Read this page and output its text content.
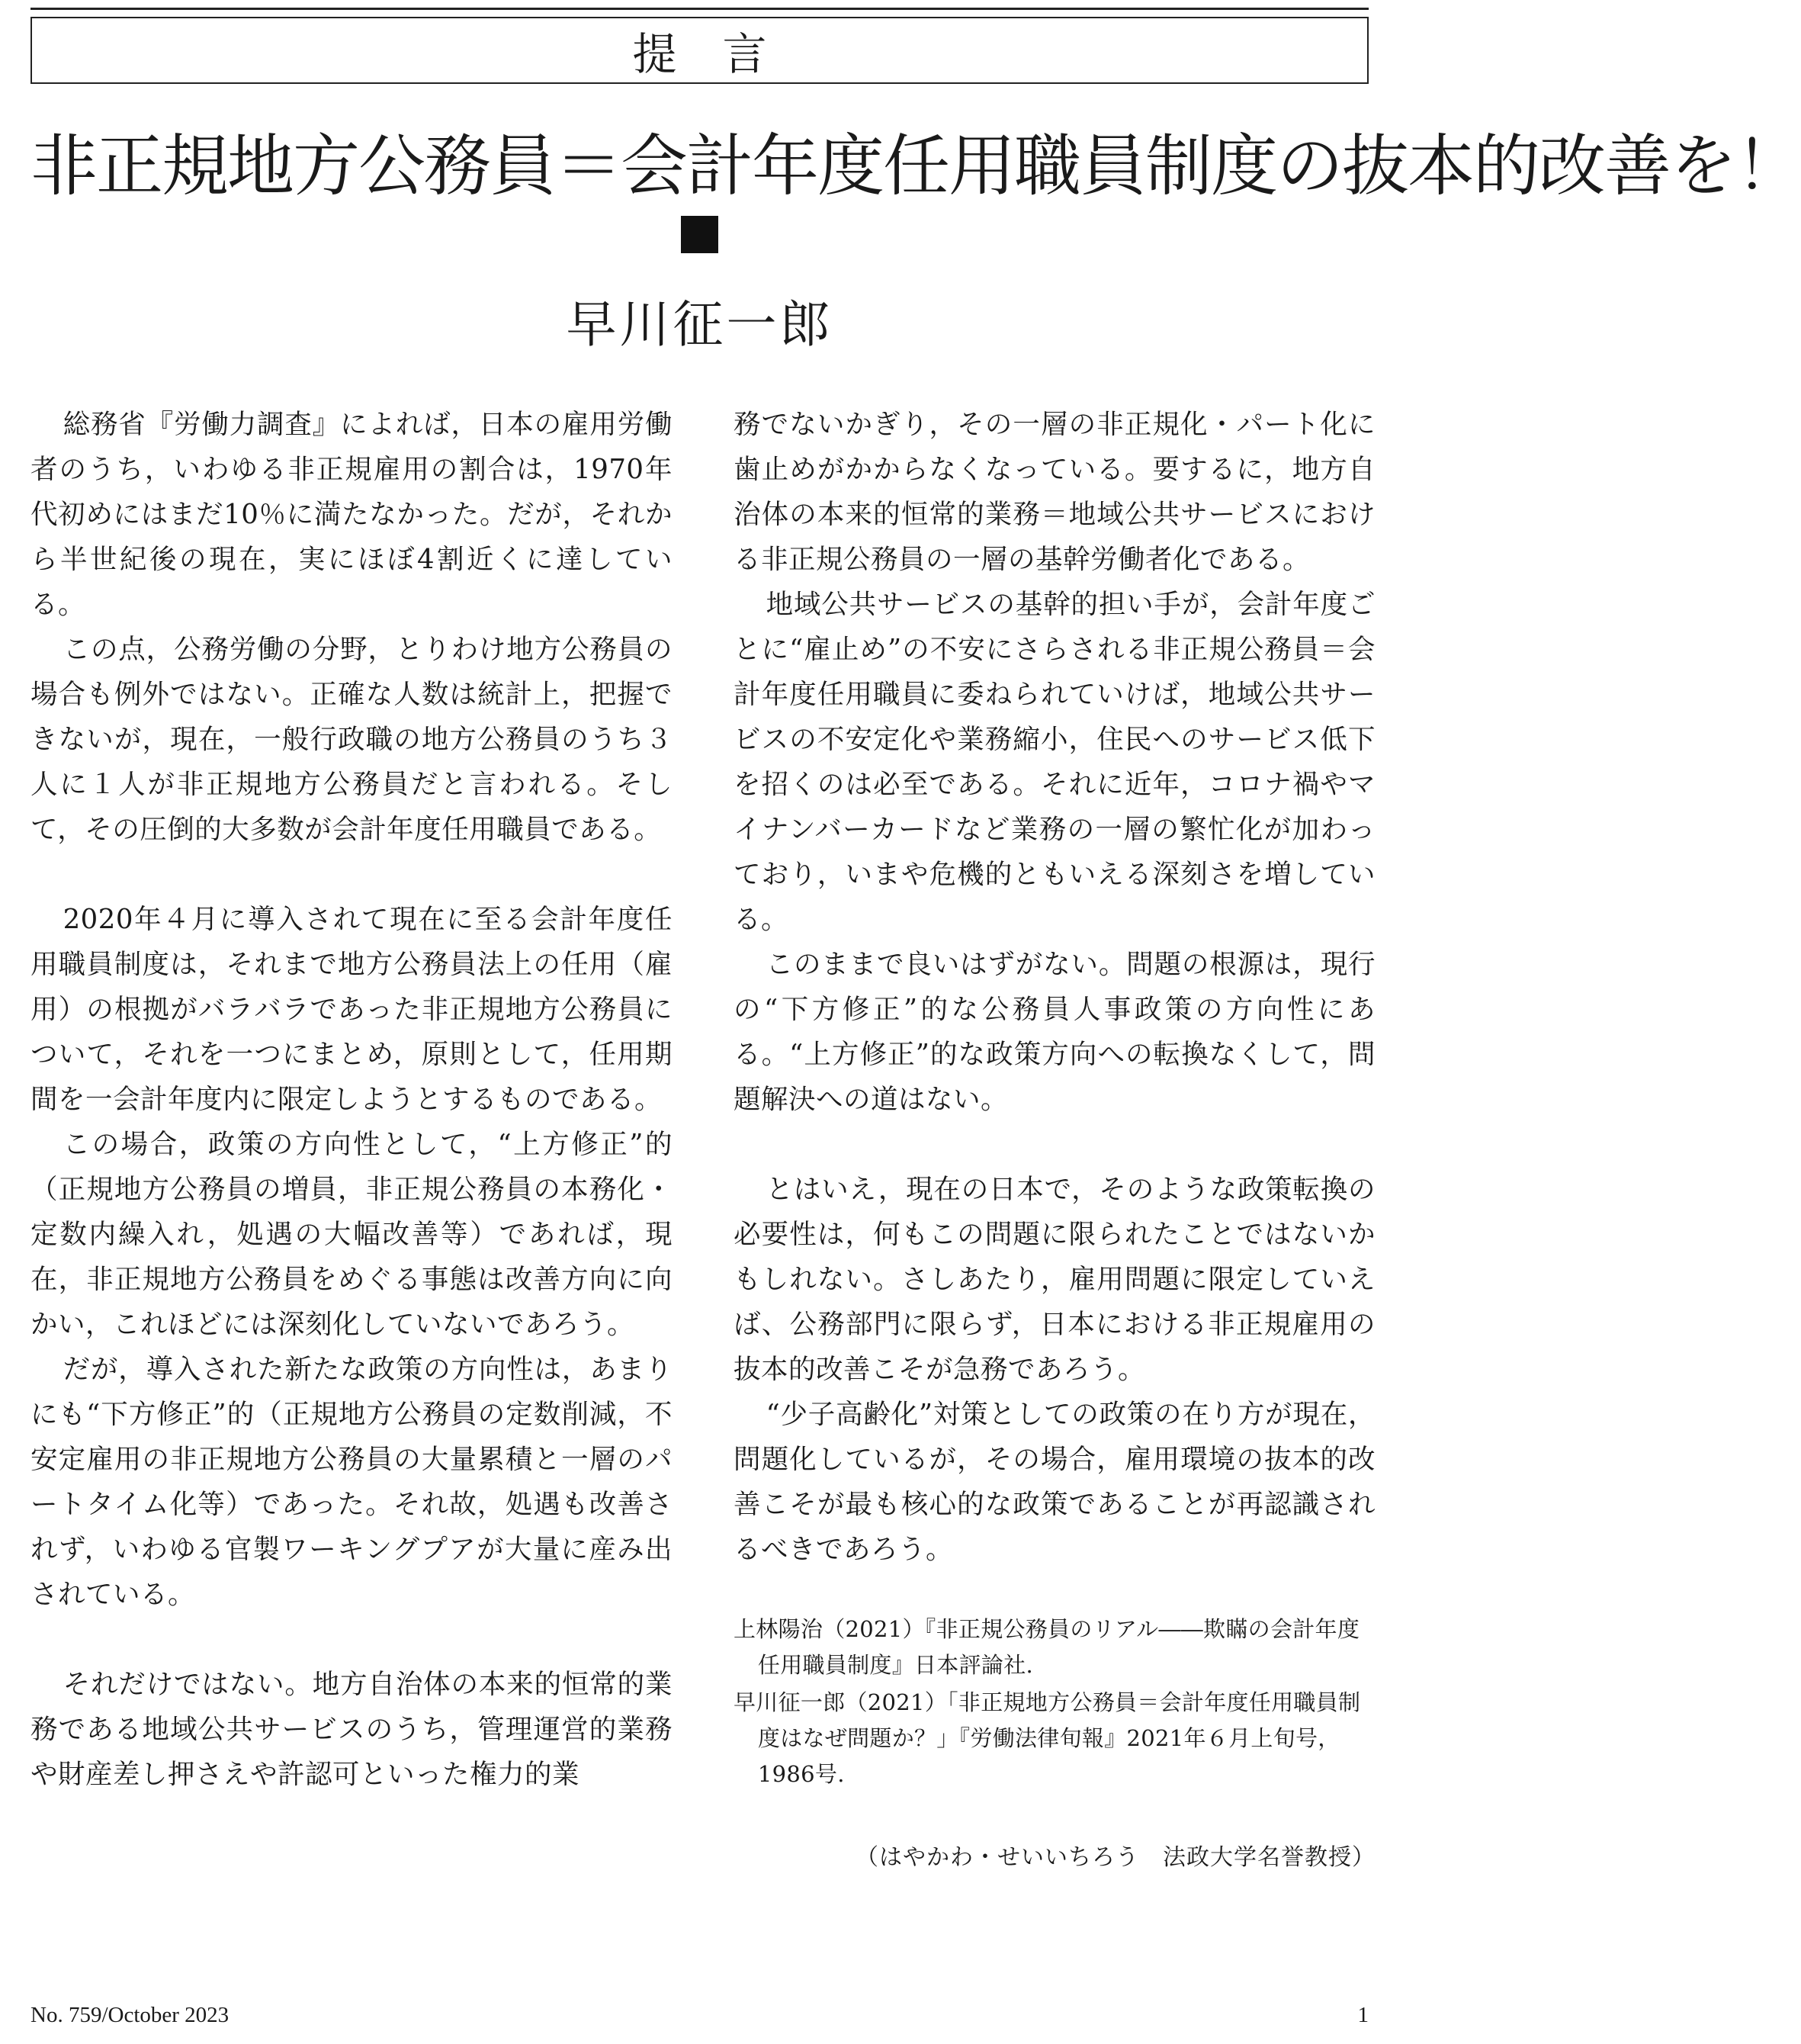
提言
非正規地方公務員＝会計年度任用職員制度の抜本的改善を！
早川征一郎

総務省『労働力調査』によれば，日本の雇用労働者のうち，いわゆる非正規雇用の割合は，1970年代初めにはまだ10％に満たなかった。だが，それから半世紀後の現在，実にほぼ4割近くに達している。

この点，公務労働の分野，とりわけ地方公務員の場合も例外ではない。正確な人数は統計上，把握できないが，現在，一般行政職の地方公務員のうち３人に１人が非正規地方公務員だと言われる。そして，その圧倒的大多数が会計年度任用職員である。

2020年４月に導入されて現在に至る会計年度任用職員制度は，それまで地方公務員法上の任用（雇用）の根拠がバラバラであった非正規地方公務員について，それを一つにまとめ，原則として，任用期間を一会計年度内に限定しようとするものである。

この場合，政策の方向性として，“上方修正”的（正規地方公務員の増員，非正規公務員の本務化・定数内繰入れ，処遇の大幅改善等）であれば，現在，非正規地方公務員をめぐる事態は改善方向に向かい，これほどには深刻化していないであろう。

だが，導入された新たな政策の方向性は，あまりにも“下方修正”的（正規地方公務員の定数削減，不安定雇用の非正規地方公務員の大量累積と一層のパートタイム化等）であった。それ故，処遇も改善されず，いわゆる官製ワーキングプアが大量に産み出されている。

それだけではない。地方自治体の本来的恒常的業務である地域公共サービスのうち，管理運営的業務や財産差し押さえや許認可といった権力的業

務でないかぎり，その一層の非正規化・パート化に歯止めがかからなくなっている。要するに，地方自治体の本来的恒常的業務＝地域公共サービスにおける非正規公務員の一層の基幹労働者化である。

地域公共サービスの基幹的担い手が，会計年度ごとに“雇止め”の不安にさらされる非正規公務員＝会計年度任用職員に委ねられていけば，地域公共サービスの不安定化や業務縮小，住民へのサービス低下を招くのは必至である。それに近年，コロナ禍やマイナンバーカードなど業務の一層の繁忙化が加わっており，いまや危機的ともいえる深刻さを増している。

このままで良いはずがない。問題の根源は，現行の“下方修正”的な公務員人事政策の方向性にある。“上方修正”的な政策方向への転換なくして，問題解決への道はない。

とはいえ，現在の日本で，そのような政策転換の必要性は，何もこの問題に限られたことではないかもしれない。さしあたり，雇用問題に限定していえば、公務部門に限らず，日本における非正規雇用の抜本的改善こそが急務であろう。

“少子高齢化”対策としての政策の在り方が現在，問題化しているが，その場合，雇用環境の抜本的改善こそが最も核心的な政策であることが再認識されるべきであろう。

上林陽治（2021）『非正規公務員のリアル――欺瞞の会計年度任用職員制度』日本評論社.

早川征一郎（2021）「非正規地方公務員＝会計年度任用職員制度はなぜ問題か？」『労働法律旬報』2021年６月上旬号，1986号.

（はやかわ・せいいちろう　法政大学名誉教授）
No. 759/October 2023	1
